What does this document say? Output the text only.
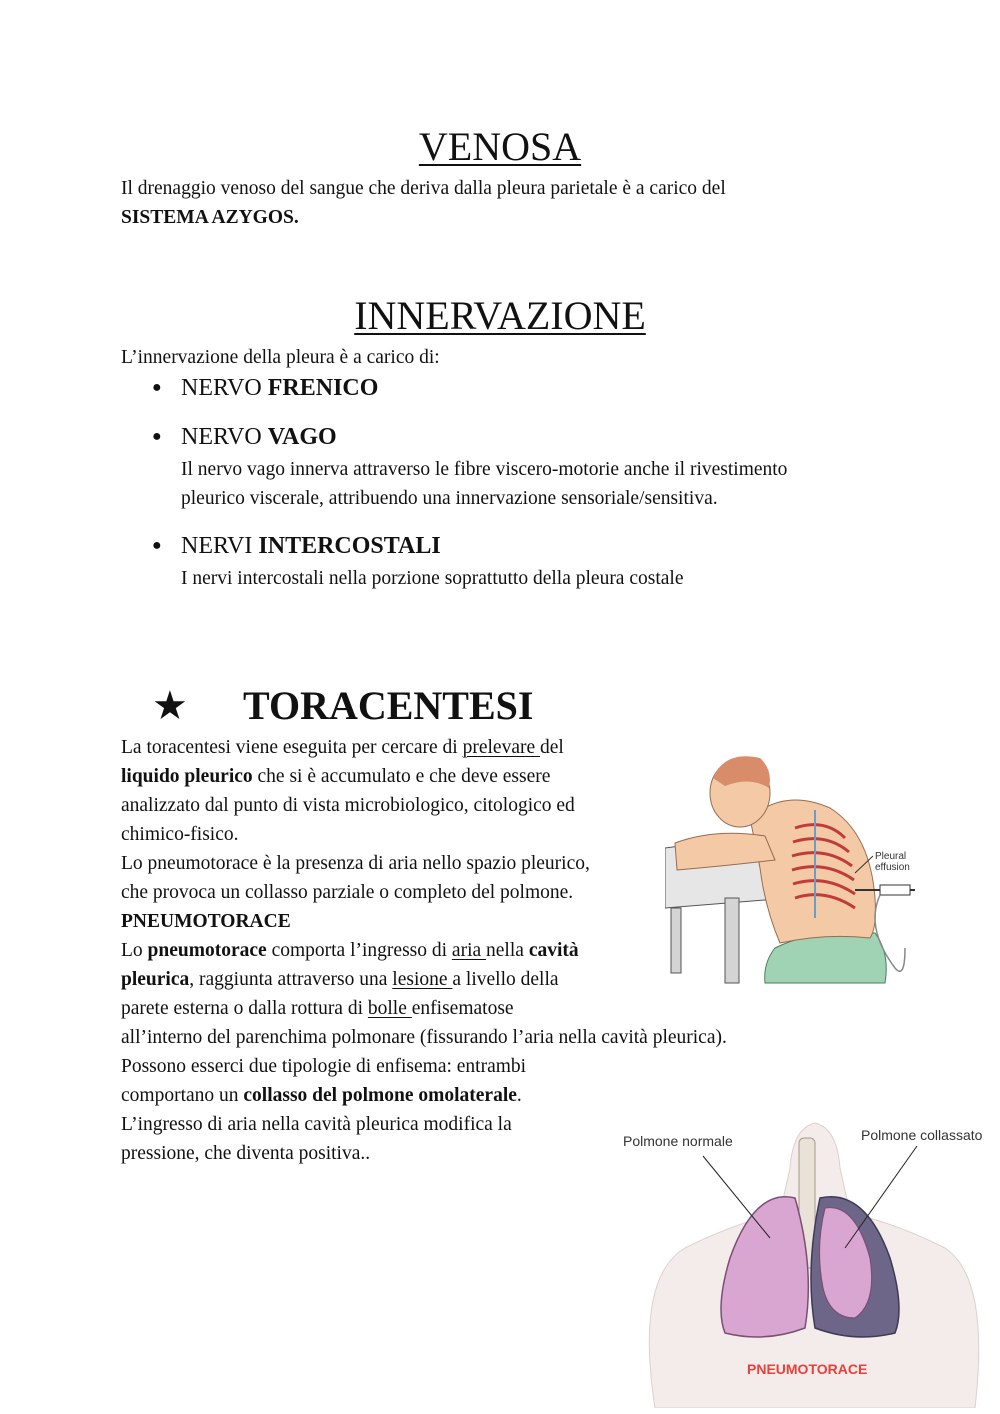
VENOSA

Il drenaggio venoso del sangue che deriva dalla pleura parietale è a carico del
SISTEMA AZYGOS.

INNERVAZIONE

L’innervazione della pleura è a carico di:

● NERVO FRENICO
● NERVO VAGO
Il nervo vago innerva attraverso le fibre viscero-motorie anche il rivestimento
pleurico viscerale, attribuendo una innervazione sensoriale/sensitiva.
● NERVI INTERCOSTALI
I nervi intercostali nella porzione soprattutto della pleura costale
★ TORACENTESI

La toracentesi viene eseguita per cercare di prelevare del
liquido pleurico che si è accumulato e che deve essere
analizzato dal punto di vista microbiologico, citologico ed
chimico-fisico.
Lo pneumotorace è la presenza di aria nello spazio pleurico,
che provoca un collasso parziale o completo del polmone.
PNEUMOTORACE
Lo pneumotorace comporta l’ingresso di aria nella cavità
pleurica, raggiunta attraverso una lesione a livello della
parete esterna o dalla rottura di bolle enfisematose
all’interno del parenchima polmonare (fissurando l’aria nella cavità pleurica).
Possono esserci due tipologie di enfisema: entrambi
comportano un collasso del polmone omolaterale.
L’ingresso di aria nella cavità pleurica modifica la
pressione, che diventa positiva..

Pleural
effusion
Polmone normale	Polmone collassato
PNEUMOTORACE
